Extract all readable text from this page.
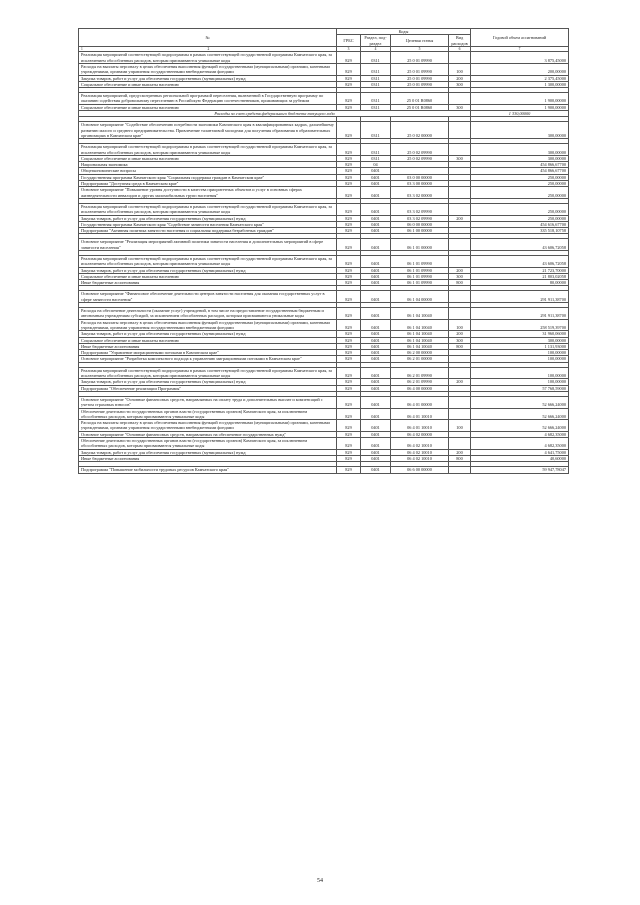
№	Коды				Годовой объем ассигнований
	ГРБС	Раздел, под-раздел	Целевая статья	Вид расходов	

1 2	3	4	5	6	7
Реализация мероприятий соответствующей подпрограммы в рамках соответствующей государственной программы Камчатского края, за исключением обособленных расходов, которым присваиваются уникальные коды	829	0311	25 0 01 09990		3 875,45000
Расходы на выплаты персоналу в целях обеспечения выполнения функций государственными (муниципальными) органами, казенными учреждениями, органами управления государственными внебюджетными фондами	829	0311	25 0 01 09990	100	200,00000
Закупка товаров, работ и услуг для обеспечения государственных (муниципальных) нужд	829	0311	25 0 01 09990	200	2 375,45000
Социальное обеспечение и иные выплаты населению	829	0311	25 0 01 09990	300	1 300,00000

Реализация мероприятий, предусмотренных региональной программой переселения, включенной в Государственную программу по оказанию содействия добровольному переселению в Российскую Федерацию соотечественников, проживающих за рубежом	829	0311	25 0 01 R0860		1 900,00000
Социальное обеспечение и иные выплаты населению	829	0311	25 0 01 R0860	300	1 900,00000
Расходы за счет средств федерального бюджета текущего года					1 330,00000

Основное мероприятие "Содействие обеспечению потребности экономики Камчатского края в квалифицированных кадрах, дальнейшему развитию малого и среднего предпринимательства. Привлечение талантливой молодежи для получения образования в образовательных организациях в Камчатском крае"	829	0311	25 0 02 00000		300,00000

Реализация мероприятий соответствующей подпрограммы в рамках соответствующей государственной программы Камчатского края, за исключением обособленных расходов, которым присваиваются уникальные коды	829	0311	25 0 02 09990		300,00000
Социальное обеспечение и иные выплаты населению	829	0311	25 0 02 09990	300	300,00000
Национальная экономика	829	04			454 866,67700
Общеэкономические вопросы	829	0401			454 866,67700
Государственная программа Камчатского края "Социальная поддержка граждан в Камчатском крае"	829	0401	03 0 00 00000		250,00000
Подпрограмма "Доступная среда в Камчатском крае"	829	0401	03 3 00 00000		250,00000
Основное мероприятие "Повышение уровня доступности в качества приоритетных объектов и услуг в основных сферах жизнедеятельности инвалидов и других маломобильных групп населения"	829	0401	03 3 02 00000		250,00000

Реализация мероприятий соответствующей подпрограммы в рамках соответствующей государственной программы Камчатского края, за исключением обособленных расходов, которым присваиваются уникальные коды	829	0401	03 3 02 09990		250,00000
Закупка товаров, работ и услуг для обеспечения государственных (муниципальных) нужд	829	0401	03 3 02 09990	200	250,00000
Государственная программа Камчатского края "Содействие занятости населения Камчатского края"	829	0401	06 0 00 00000		454 616,67700
Подпрограмма "Активная политика занятости населения и социальная поддержка безработных граждан"	829	0401	06 1 00 00000		335 518,10758

Основное мероприятие "Реализация мероприятий активной политики занятости населения и дополнительных мероприятий в сфере занятости населения"	829	0401	06 1 01 00000		43 606,72058

Реализация мероприятий соответствующей подпрограммы в рамках соответствующей государственной программы Камчатского края, за исключением обособленных расходов, которым присваиваются уникальные коды	829	0401	06 1 01 09990		43 606,72058
Закупка товаров, работ и услуг для обеспечения государственных (муниципальных) нужд	829	0401	06 1 01 09990	200	21 723,70000
Социальное обеспечение и иные выплаты населению	829	0401	06 1 01 09990	300	21 803,02058
Иные бюджетные ассигнования	829	0401	06 1 01 09990	800	80,00000

Основное мероприятие "Финансовое обеспечение деятельности центров занятости населения для оказания государственных услуг в сфере занятости населения"	829	0401	06 1 04 00000		291 911,38700

Расходы на обеспечение деятельности (оказание услуг) учреждений, в том числе на предоставление государственным бюджетным и автономным учреждениям субсидий, за исключением обособленных расходов, которым присваиваются уникальные коды	829	0401	06 1 04 10040		291 911,38700
Расходы на выплаты персоналу в целях обеспечения выполнения функций государственными (муниципальными) органами, казенными учреждениями, органами управления государственными внебюджетными фондами	829	0401	06 1 04 10040	100	258 519,39700
Закупка товаров, работ и услуг для обеспечения государственных (муниципальных) нужд	829	0401	06 1 04 10040	200	31 960,06000
Социальное обеспечение и иные выплаты населению	829	0401	06 1 04 10040	300	300,00000
Иные бюджетные ассигнования	829	0401	06 1 04 10040	800	1 131,93000
Подпрограмма "Управление миграционными потоками в Камчатском крае"	829	0401	06 2 00 00000		100,00000
Основное мероприятие "Разработка комплексного подхода к управлению миграционными потоками в Камчатском крае"	829	0401	06 2 01 00000		100,00000

Реализация мероприятий соответствующей подпрограммы в рамках соответствующей государственной программы Камчатского края, за исключением обособленных расходов, которым присваиваются уникальные коды	829	0401	06 2 01 09990		100,00000
Закупка товаров, работ и услуг для обеспечения государственных (муниципальных) нужд	829	0401	06 2 01 09990	200	100,00000
Подпрограмма "Обеспечение реализации Программы"	829	0401	06 4 00 00000		57 768,59000

Основное мероприятие "Основные финансовых средств, направляемых на оплату труда и дополнительных выплат и компенсаций с учетом страховых взносов"	829	0401	06 4 01 00000		52 666,24000
Обеспечение деятельности государственных органов власти (государственных органов) Камчатского края, за исключением обособленных расходов, которым присваиваются уникальные коды	829	0401	06 4 01 10010		52 666,24000
Расходы на выплаты персоналу в целях обеспечения выполнения функций государственными (муниципальными) органами, казенными учреждениями, органами управления государственными внебюджетными фондами	829	0401	06 4 01 10010	100	52 666,24000
Основное мероприятие "Основные финансовых средств, направляемых на обеспечение государственных нужд"	829	0401	06 4 02 00000		4 682,35000
Обеспечение деятельности государственных органов власти (государственных органов) Камчатского края, за исключением обособленных расходов, которым присваиваются уникальные коды	829	0401	06 4 02 10010		4 682,35000
Закупка товаров, работ и услуг для обеспечения государственных (муниципальных) нужд	829	0401	06 4 02 10010	200	4 641,75000
Иные бюджетные ассигнования	829	0401	06 4 02 10010	800	40,60000

Подпрограмма "Повышение мобильности трудовых ресурсов Камчатского края"	829	0401	06 6 00 00000		59 947,78047
54
